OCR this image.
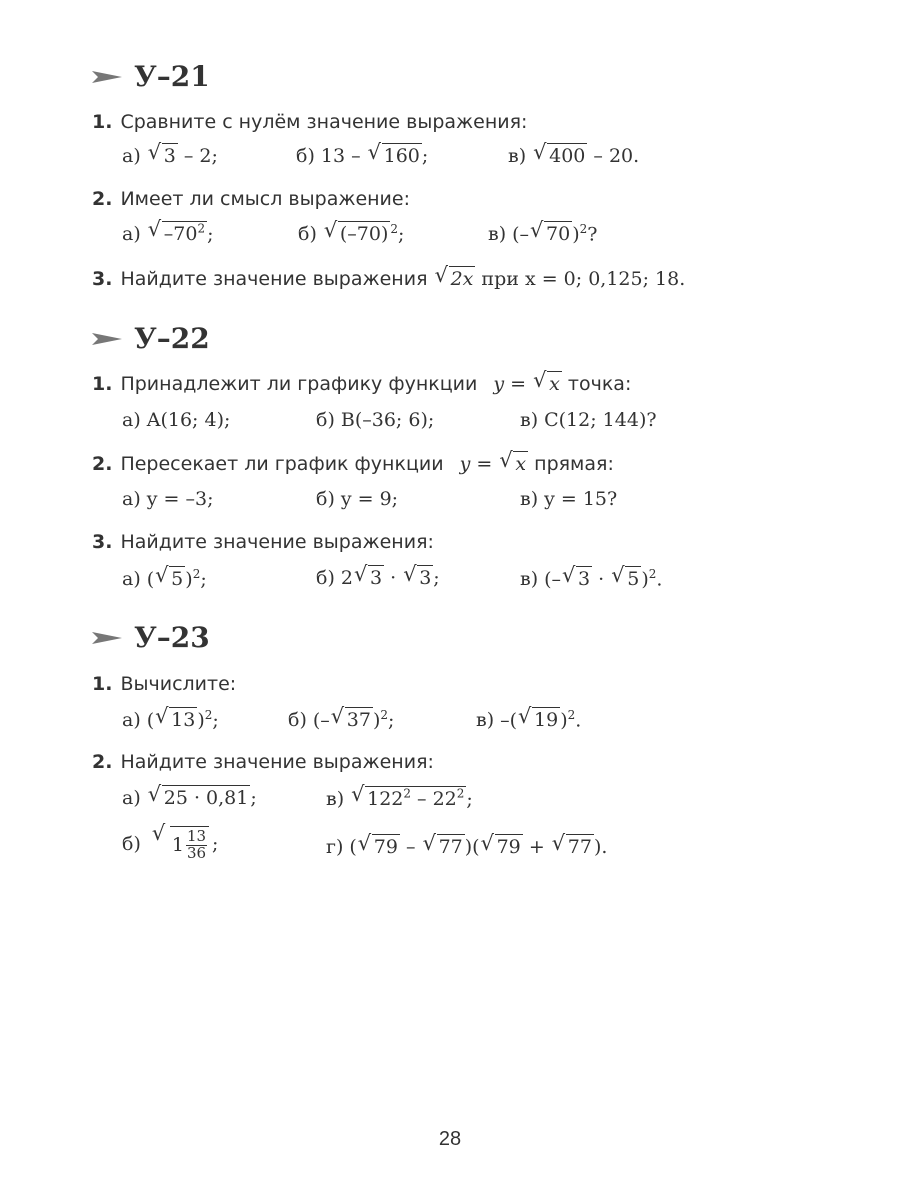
У–21
1. Сравните с нулём значение выражения:
а) √ 3 – 2;	б) 13 – √ 160 ;	в) √ 400 – 20.
2. Имеет ли смысл выражение:
а) √ $-70^2$ ;	б) √ (–70) $^2$;	в) (– √ 70 )$^2$?
3. Найдите значение выражения √ 2x при x = 0; 0,125; 18.
У–22
1. Принадлежит ли графику функции y = √ x точка:
а) A(16; 4);	б) B(–36; 6);	в) C(12; 144)?
2. Пересекает ли график функции y = √ x прямая:
а) y = –3;	б) y = 9;	в) y = 15?
3. Найдите значение выражения:
а) ( √ 5 )$^2$;	б) 2 √ 3 · √ 3 ;	в) (– √ 3 · √ 5 )$^2$.
У–23
1. Вычислите:
а) ( √ 13 )$^2$;	б) (– √ 37 )$^2$;	в) –( √ 19 )$^2$.
2. Найдите значение выражения:
а) √ 25 · 0,81 ;	в) √ $122^2 - 22^2$ ;
б) √ 1 13
36 ;	г) ( √ 79 – √ 77 )( √ 79 + √ 77 ).
28
